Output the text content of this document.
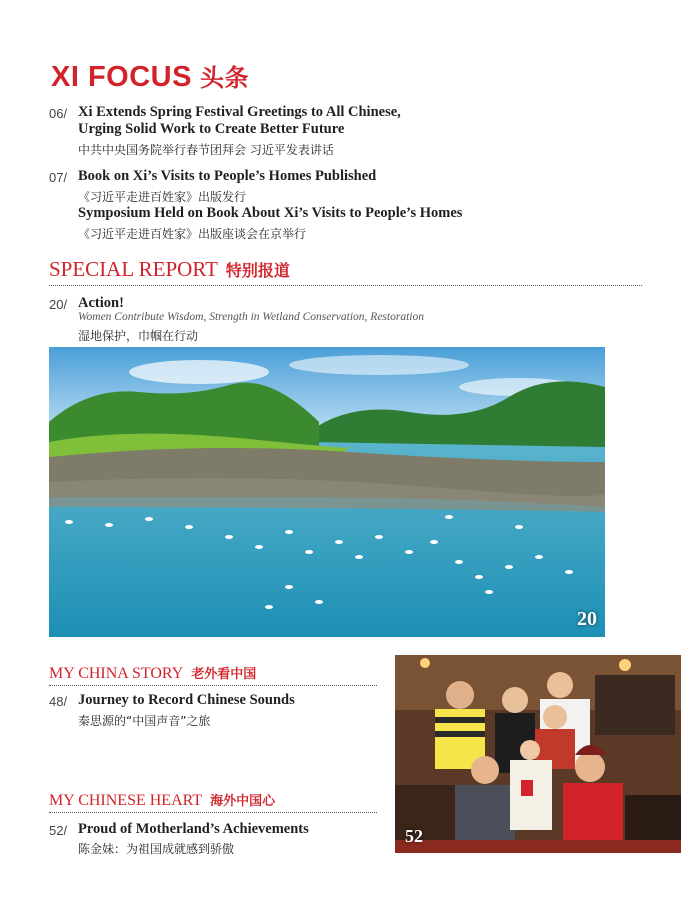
XI FOCUS 头条
06/ Xi Extends Spring Festival Greetings to All Chinese,
Urging Solid Work to Create Better Future
中共中央国务院举行春节团拜会 习近平发表讲话
07/ Book on Xi’s Visits to People’s Homes Published
《习近平走进百姓家》出版发行
Symposium Held on Book About Xi’s Visits to People’s Homes
《习近平走进百姓家》出版座谈会在京举行
SPECIAL REPORT 特别报道
20/ Action!
Women Contribute Wisdom, Strength in Wetland Conservation, Restoration
湿地保护，巾帼在行动
20
MY CHINA STORY 老外看中国
48/ Journey to Record Chinese Sounds
秦思源的“中国声音”之旅
MY CHINESE HEART 海外中国心
52/ Proud of Motherland’s Achievements
陈金妹：为祖国成就感到骄傲
52
